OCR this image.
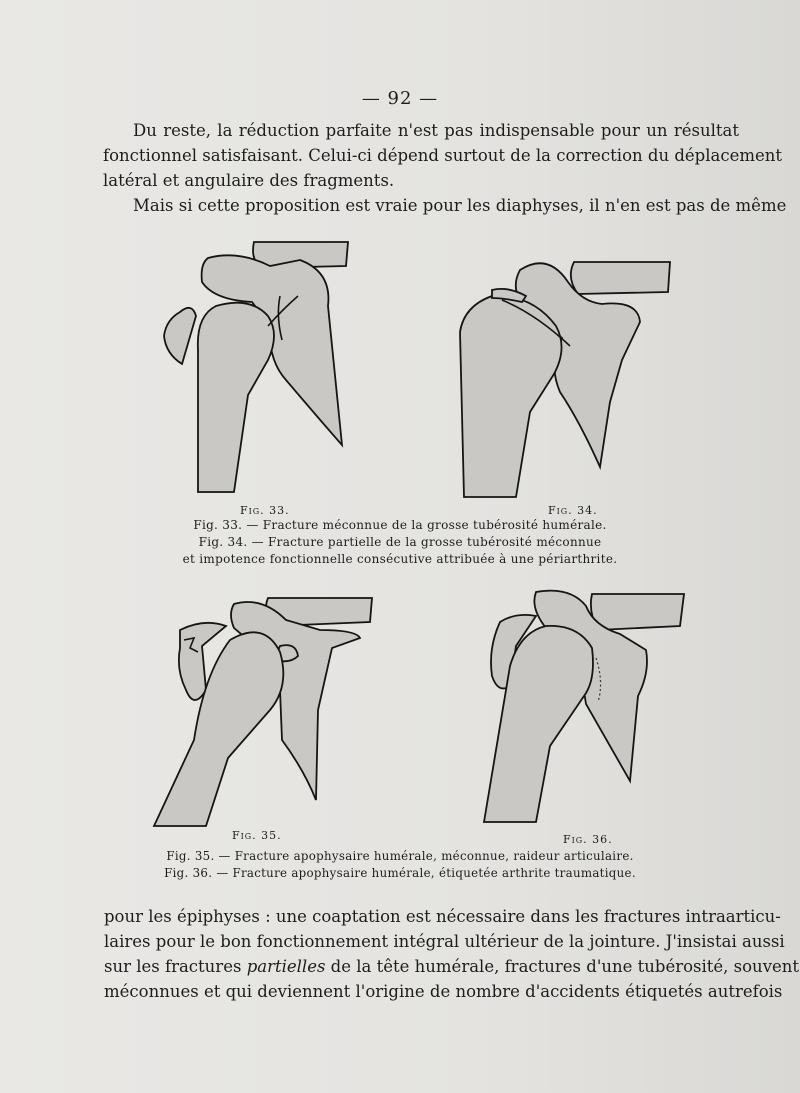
— 92 —
Du reste, la réduction parfaite n'est pas indispensable pour un résultat
fonctionnel satisfaisant. Celui-ci dépend surtout de la correction du déplacement
latéral et angulaire des fragments.
Mais si cette proposition est vraie pour les diaphyses, il n'en est pas de même
Fig. 33.	Fig. 34.
Fig. 33. — Fracture méconnue de la grosse tubérosité humérale.
Fig. 34. — Fracture partielle de la grosse tubérosité méconnue
et impotence fonctionnelle consécutive attribuée à une périarthrite.
Fig. 35.	Fig. 36.
Fig. 35. — Fracture apophysaire humérale, méconnue, raideur articulaire.
Fig. 36. — Fracture apophysaire humérale, étiquetée arthrite traumatique.
pour les épiphyses : une coaptation est nécessaire dans les fractures intraarticu-
laires pour le bon fonctionnement intégral ultérieur de la jointure. J'insistai aussi
sur les fractures partielles de la tête humérale, fractures d'une tubérosité, souvent
méconnues et qui deviennent l'origine de nombre d'accidents étiquetés autrefois
